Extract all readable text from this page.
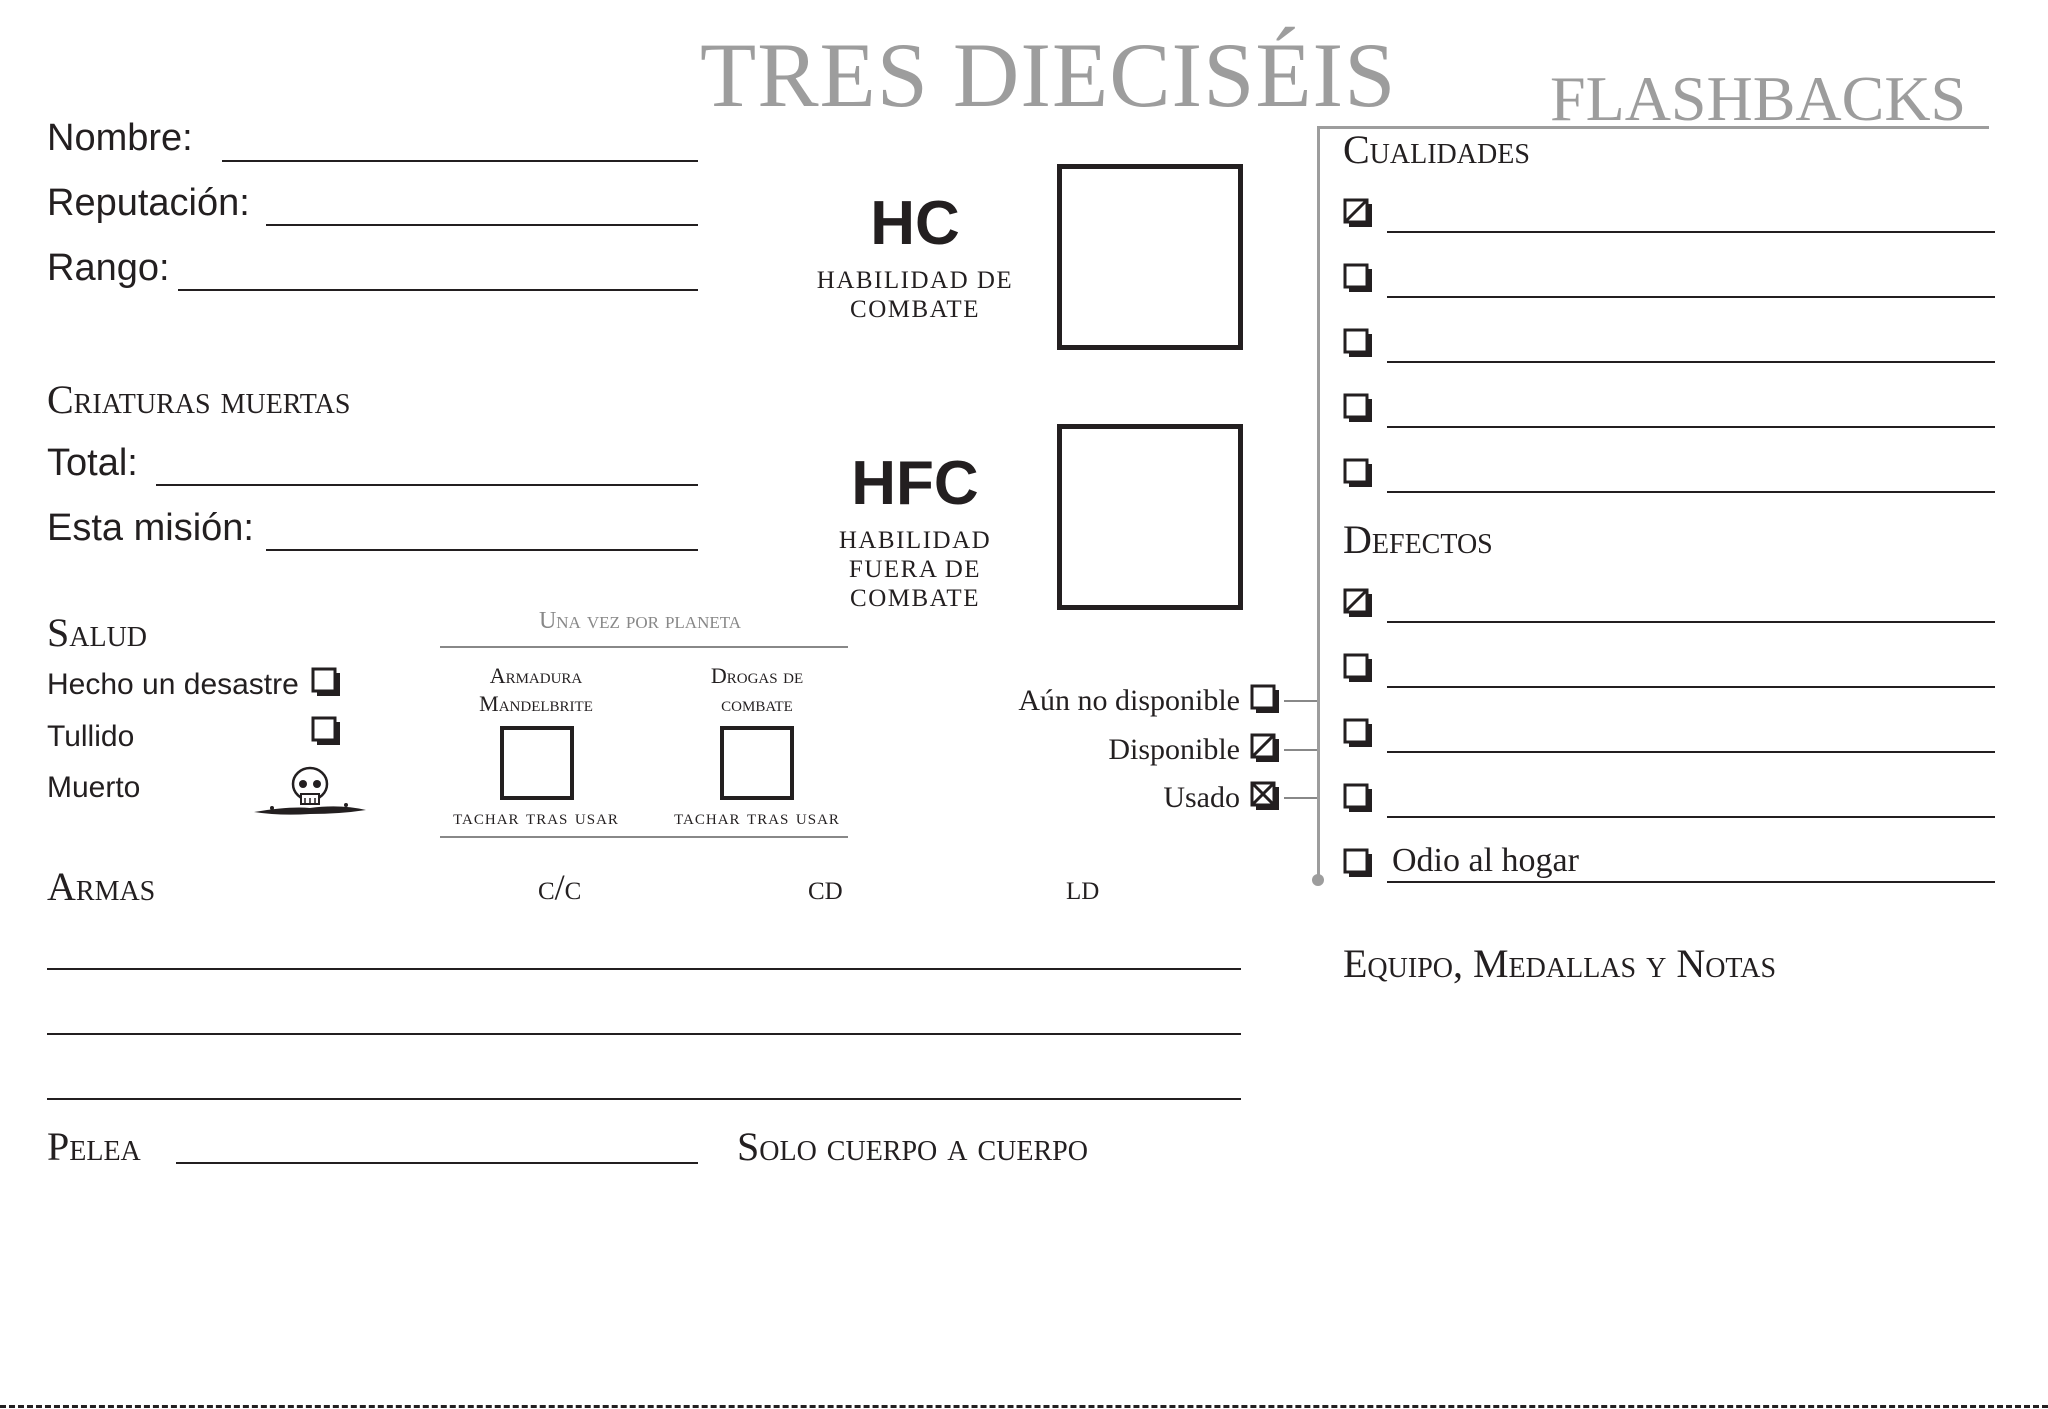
TRES DIECISÉIS FLASHBACKS
Nombre:
Reputación:
Rango:
Criaturas muertas
Total:
Esta misión:
Salud
Hecho un desastre
Tullido
Muerto
Una vez por planeta
Armadura
Mandelbrite
Drogas de
combate
tachar tras usar	tachar tras usar
HC
HABILIDAD DE
COMBATE
HFC
HABILIDAD
FUERA DE
COMBATE
Aún no disponible
Disponible
Usado
Cualidades
Defectos
Odio al hogar
Equipo, Medallas y Notas
Armas	c/c	cd	ld
Pelea	Solo cuerpo a cuerpo
